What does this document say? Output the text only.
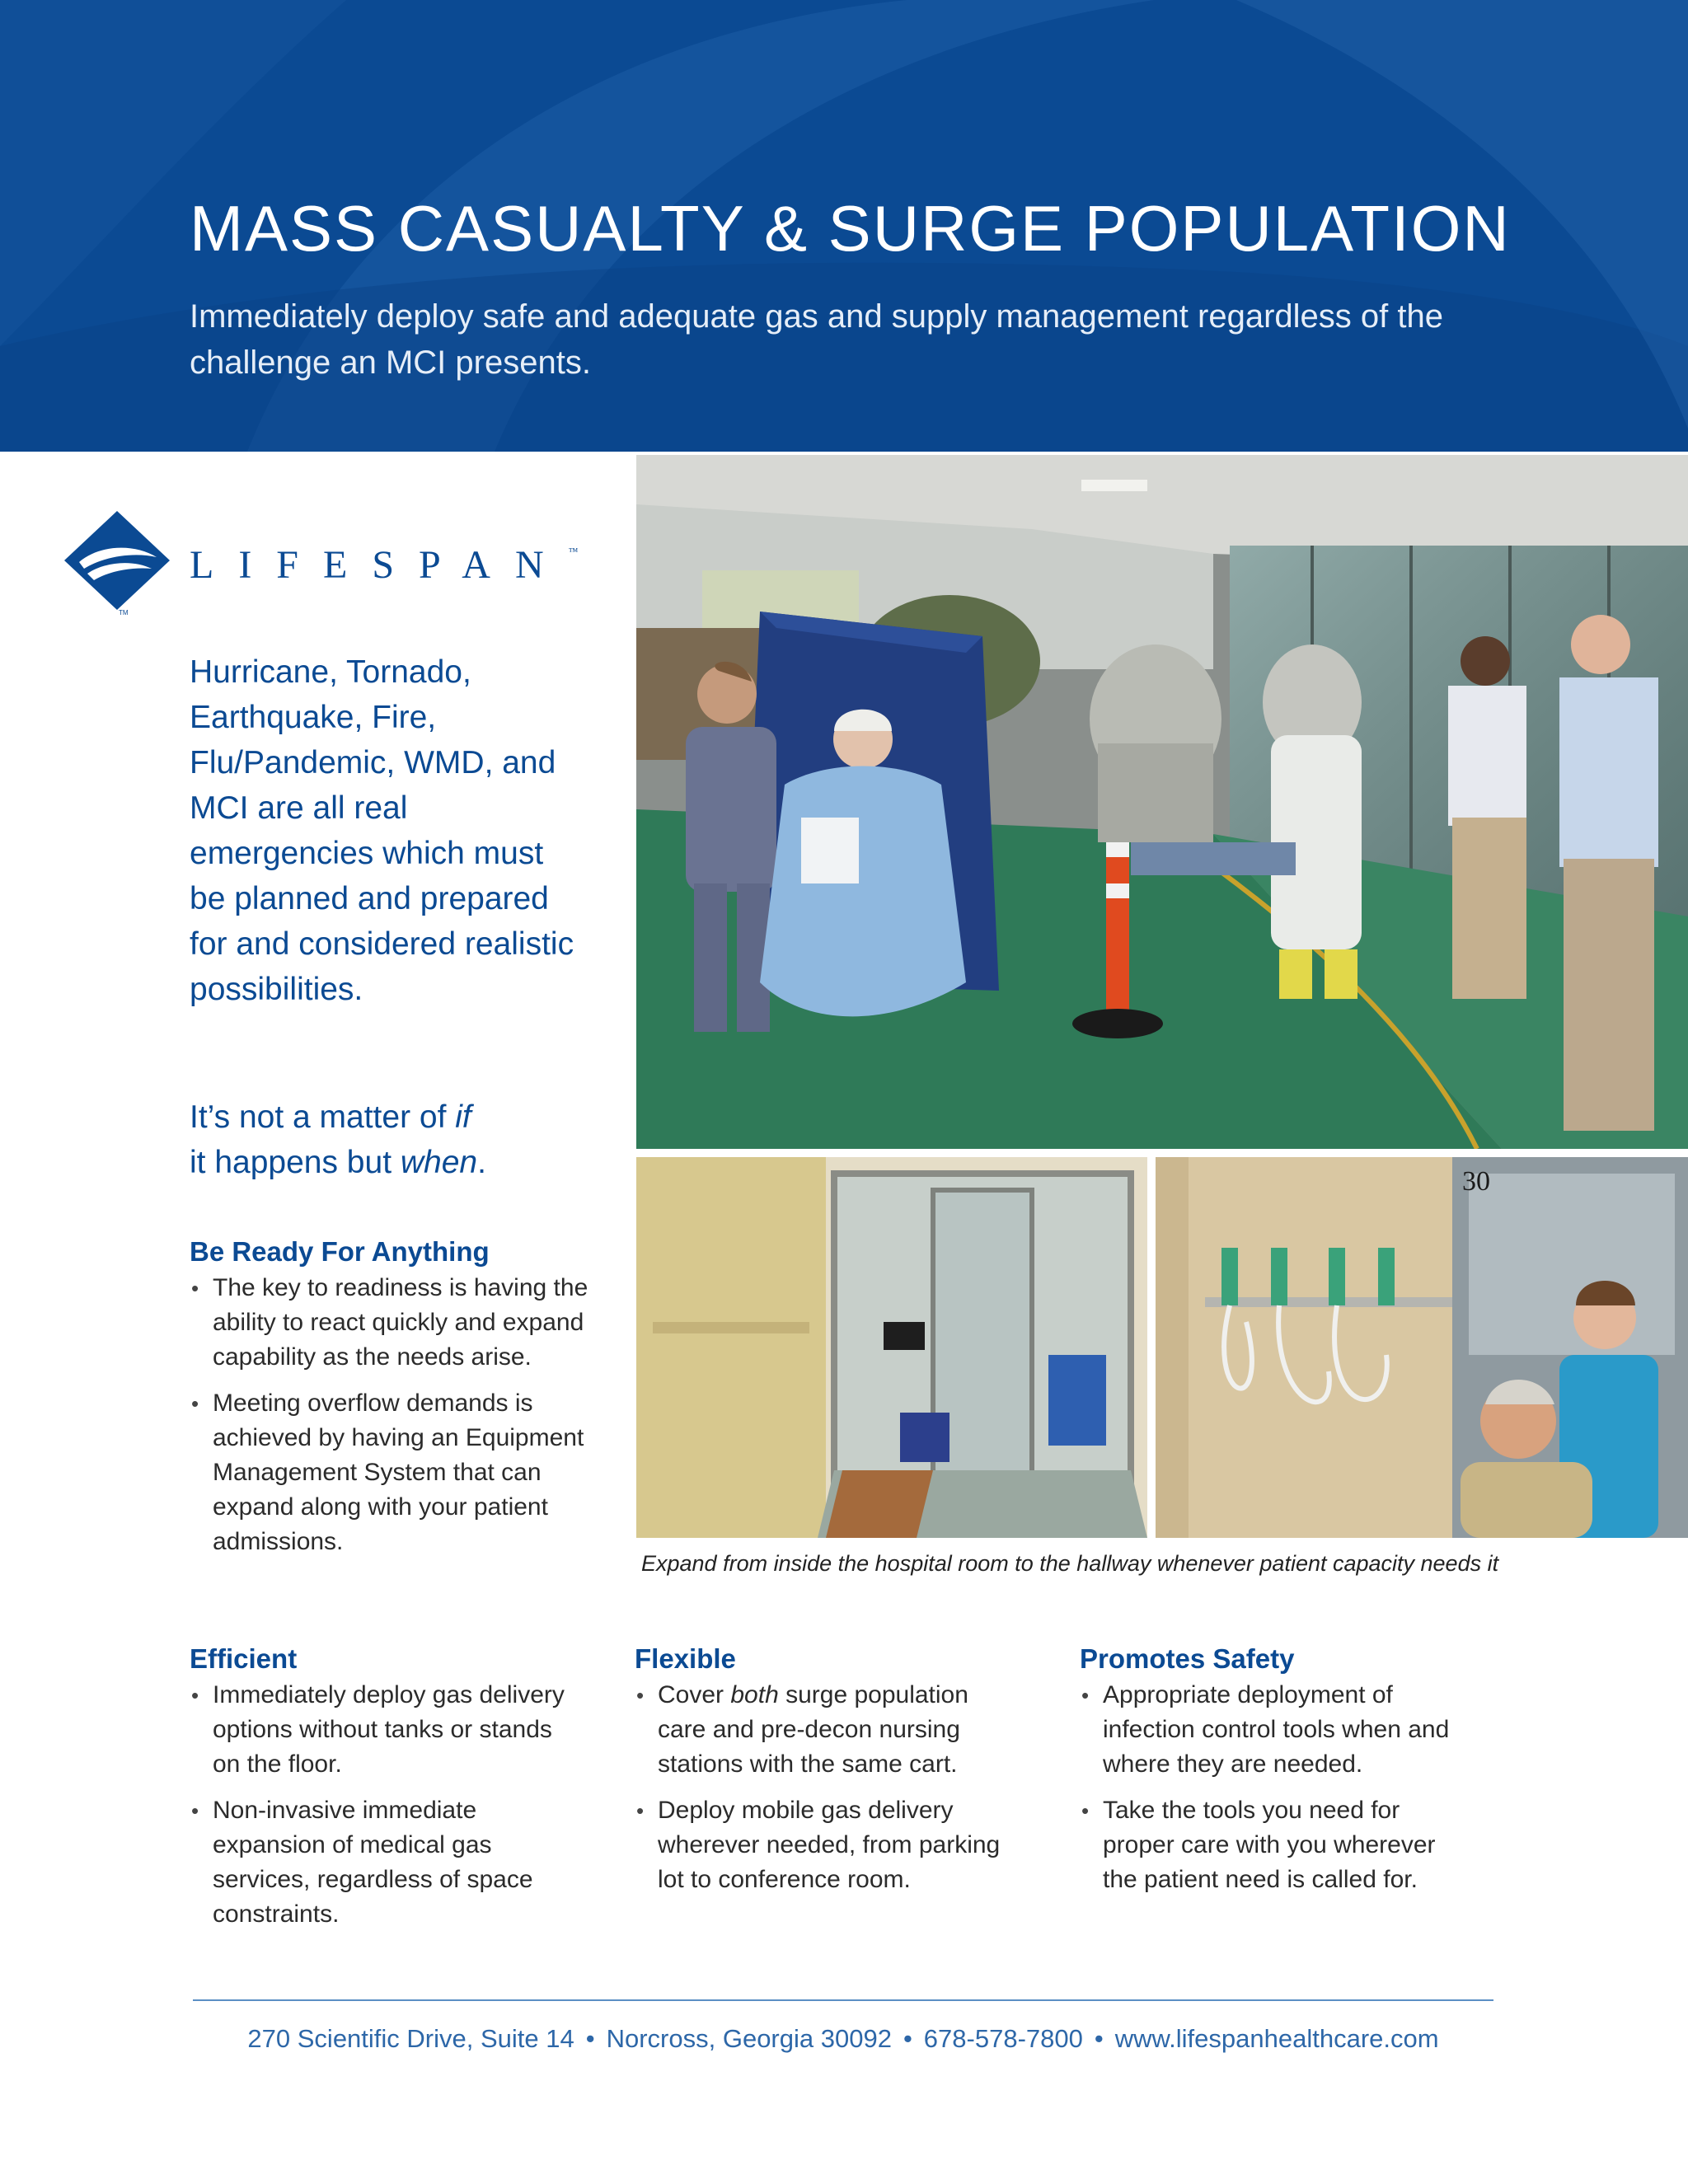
MASS CASUALTY & SURGE POPULATION

Immediately deploy safe and adequate gas and supply management regardless of the challenge an MCI presents.

TM
LIFESPAN™

Hurricane, Tornado, Earthquake, Fire, Flu/Pandemic, WMD, and MCI are all real emergencies which must be planned and prepared for and considered realistic possibilities.

It’s not a matter of if
it happens but when.

Be Ready For Anything
• The key to readiness is having the ability to react quickly and expand capability as the needs arise.
• Meeting overflow demands is achieved by having an Equipment Management System that can expand along with your patient admissions.
30

Expand from inside the hospital room to the hallway whenever patient capacity needs it

Efficient
• Immediately deploy gas delivery options without tanks or stands on the floor.
• Non-invasive immediate expansion of medical gas services, regardless of space constraints.
Flexible
• Cover both surge population care and pre-decon nursing stations with the same cart.
• Deploy mobile gas delivery wherever needed, from parking lot to conference room.
Promotes Safety
• Appropriate deployment of infection control tools when and where they are needed.
• Take the tools you need for proper care with you wherever the patient need is called for.
270 Scientific Drive, Suite 14 • Norcross, Georgia 30092 • 678-578-7800 • www.lifespanhealthcare.com
